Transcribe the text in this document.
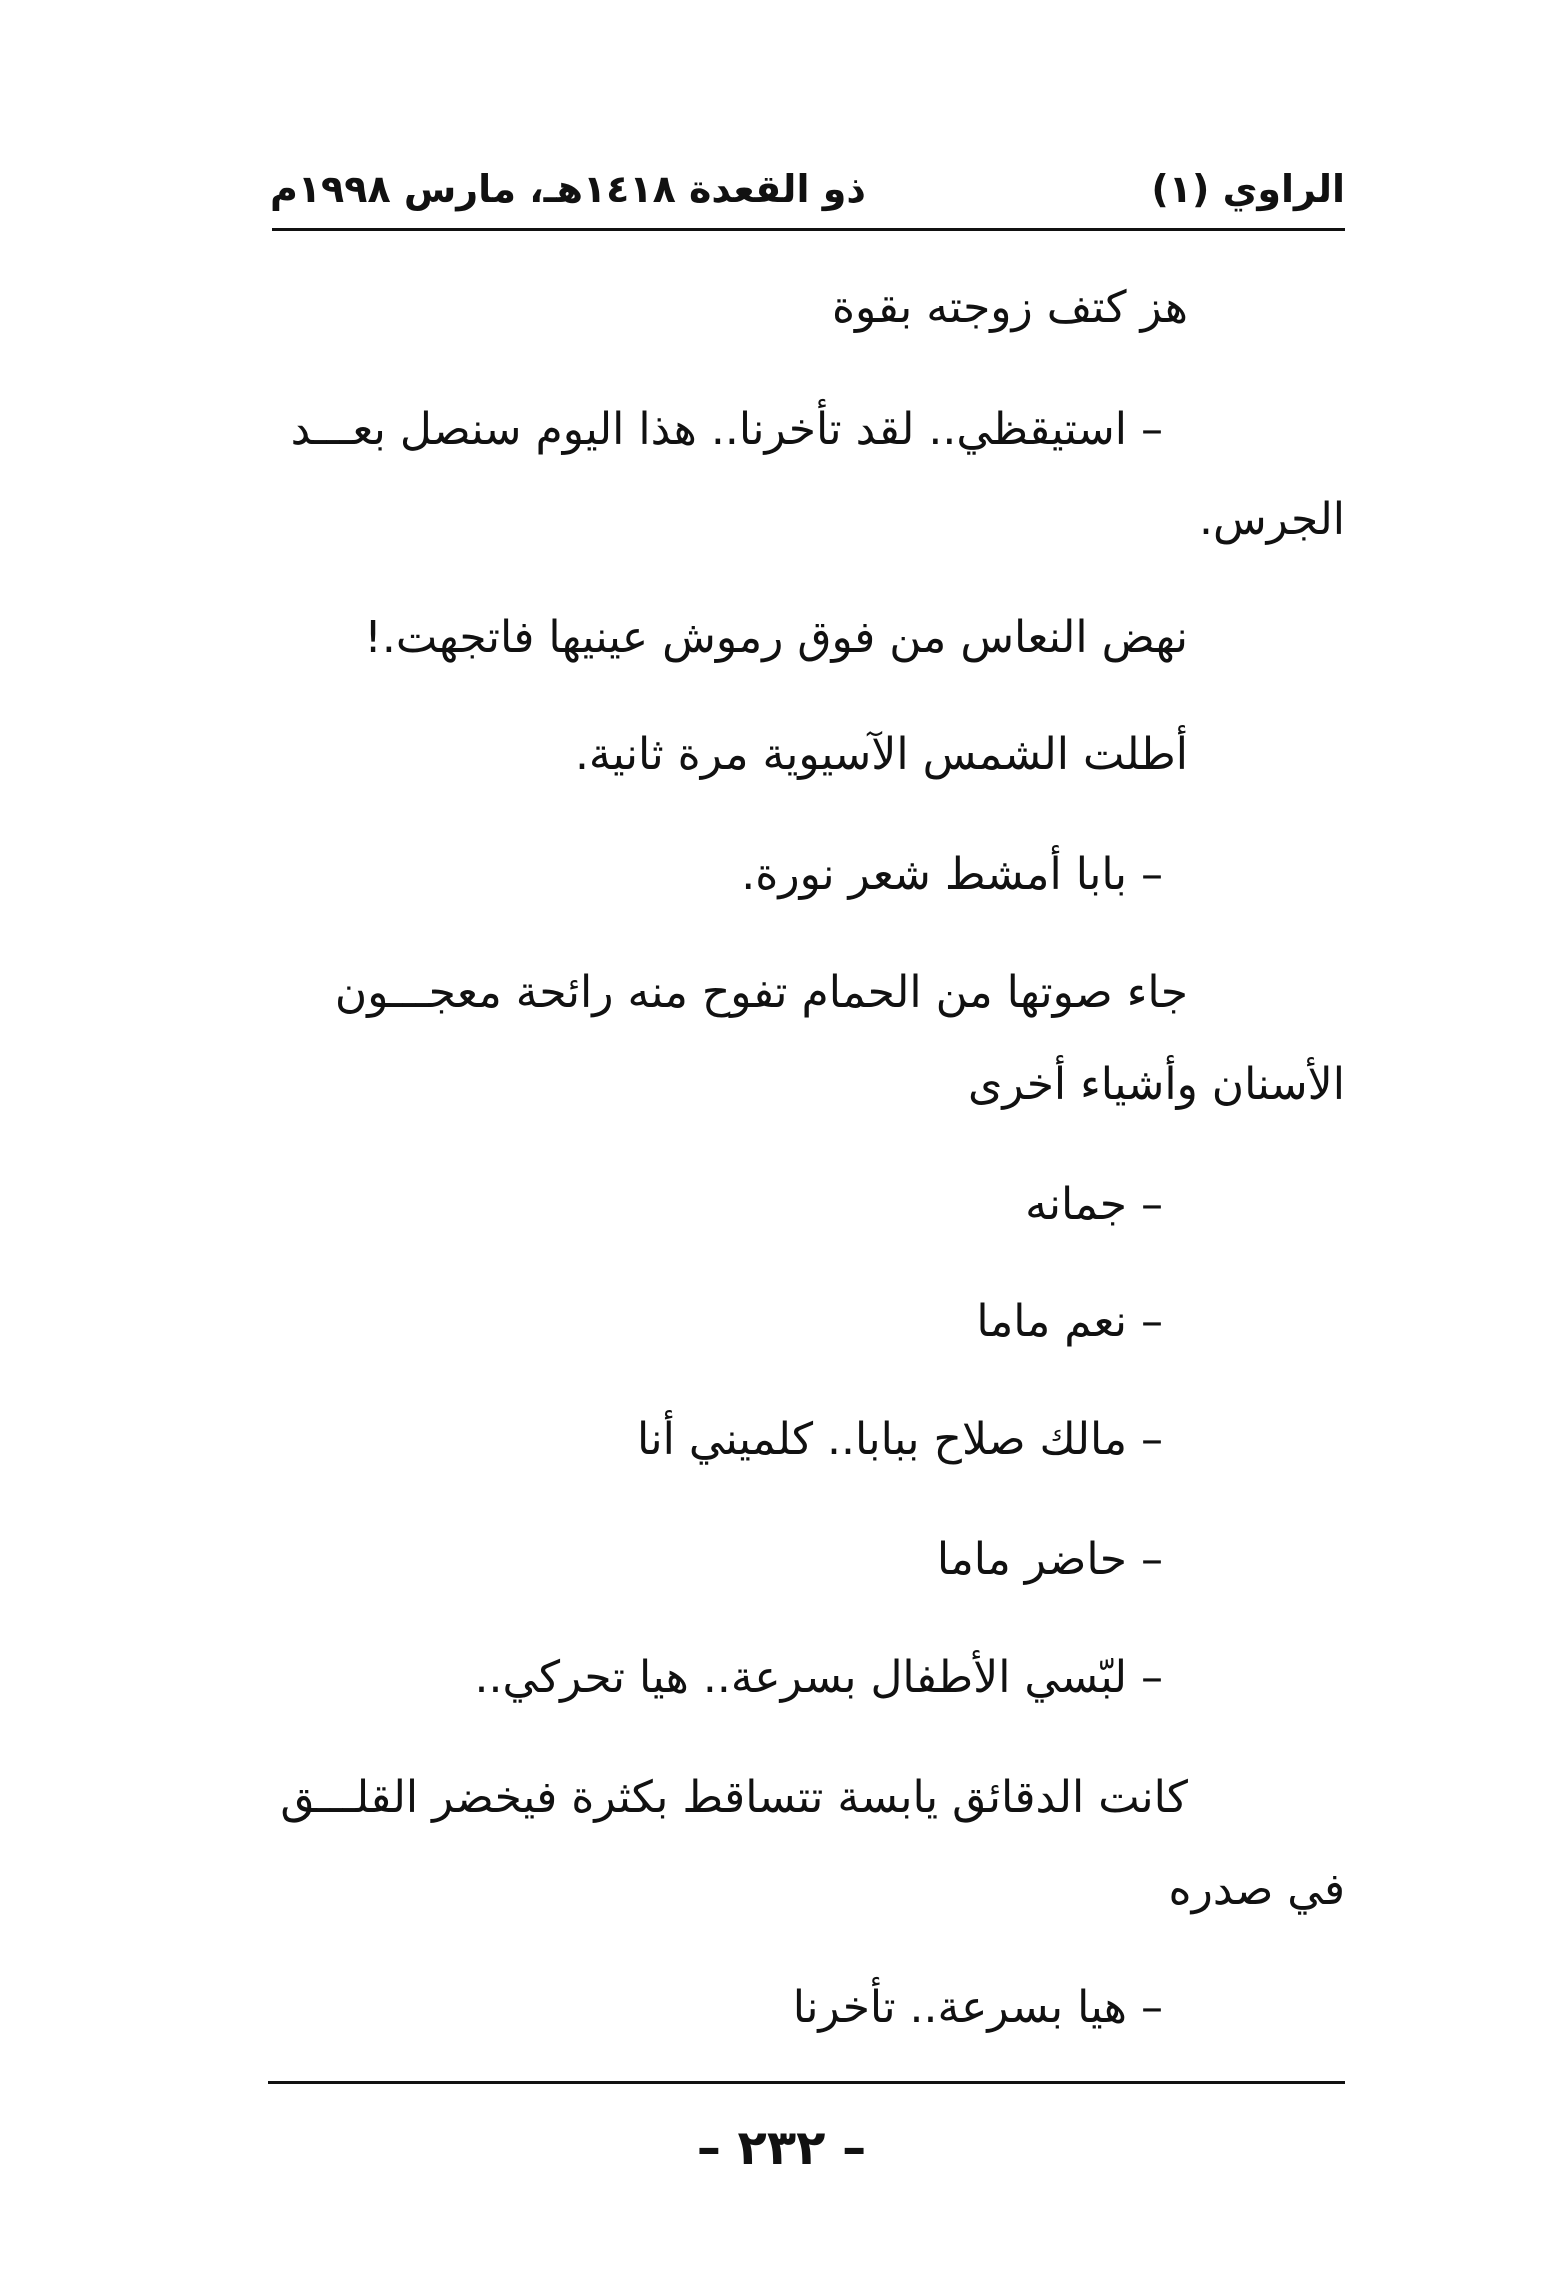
الراوي (١)
ذو القعدة ١٤١٨هـ، مارس ١٩٩٨م
هز كتف زوجته بقوة
– استيقظي.. لقد تأخرنا.. هذا اليوم سنصل بعـــد
الجرس.
نهض النعاس من فوق رموش عينيها فاتجهت.!
أطلت الشمس الآسيوية مرة ثانية.
– بابا أمشط شعر نورة.
جاء صوتها من الحمام تفوح منه رائحة معجـــون
الأسنان وأشياء أخرى
– جمانه
– نعم ماما
– مالك صلاح ببابا.. كلميني أنا
– حاضر ماما
– لبّسي الأطفال بسرعة.. هيا تحركي..
كانت الدقائق يابسة تتساقط بكثرة فيخضر القلـــق
في صدره
– هيا بسرعة.. تأخرنا
– ٢٣٢ –
